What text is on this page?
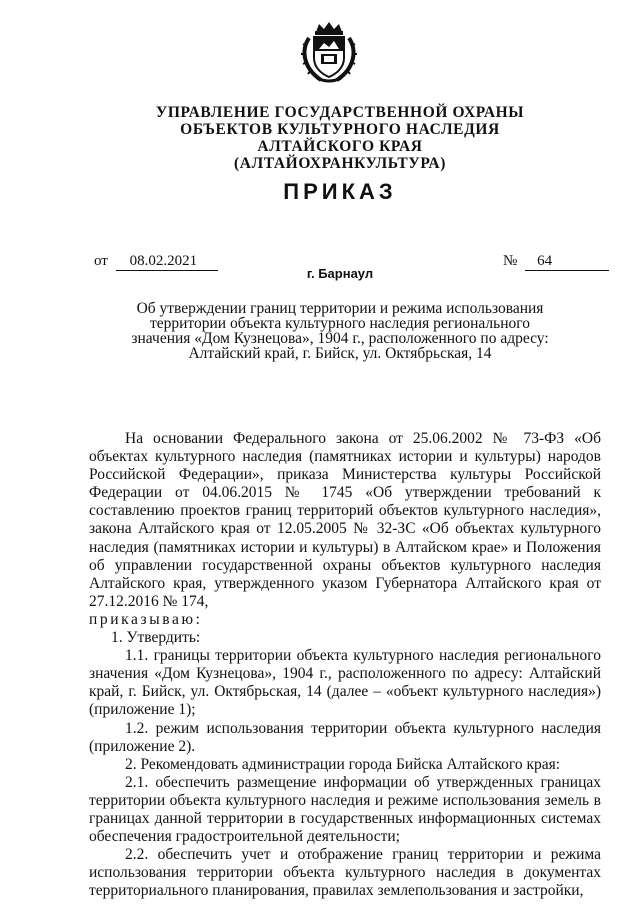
УПРАВЛЕНИЕ ГОСУДАРСТВЕННОЙ ОХРАНЫ
ОБЪЕКТОВ КУЛЬТУРНОГО НАСЛЕДИЯ
АЛТАЙСКОГО КРАЯ
(АЛТАЙОХРАНКУЛЬТУРА)
ПРИКАЗ
от 08.02.2021	№ 64
г. Барнаул
Об утверждении границ территории и режима использования
территории объекта культурного наследия регионального
значения «Дом Кузнецова», 1904 г., расположенного по адресу:
Алтайский край, г. Бийск, ул. Октябрьская, 14

На основании Федерального закона от 25.06.2002 № 73-ФЗ «Об объектах культурного наследия (памятниках истории и культуры) народов Российской Федерации», приказа Министерства культуры Российской Федерации от 04.06.2015 № 1745 «Об утверждении требований к составлению проектов границ территорий объектов культурного наследия», закона Алтайского края от 12.05.2005 № 32-ЗС «Об объектах культурного наследия (памятниках истории и культуры) в Алтайском крае» и Положения об управлении государственной охраны объектов культурного наследия Алтайского края, утвержденного указом Губернатора Алтайского края от 27.12.2016 № 174,

приказываю:

1. Утвердить:

1.1. границы территории объекта культурного наследия регионального значения «Дом Кузнецова», 1904 г., расположенного по адресу: Алтайский край, г. Бийск, ул. Октябрьская, 14 (далее – «объект культурного наследия») (приложение 1);

1.2. режим использования территории объекта культурного наследия (приложение 2).

2. Рекомендовать администрации города Бийска Алтайского края:

2.1. обеспечить размещение информации об утвержденных границах территории объекта культурного наследия и режиме использования земель в границах данной территории в государственных информационных системах обеспечения градостроительной деятельности;

2.2. обеспечить учет и отображение границ территории и режима использования территории объекта культурного наследия в документах территориального планирования, правилах землепользования и застройки,
